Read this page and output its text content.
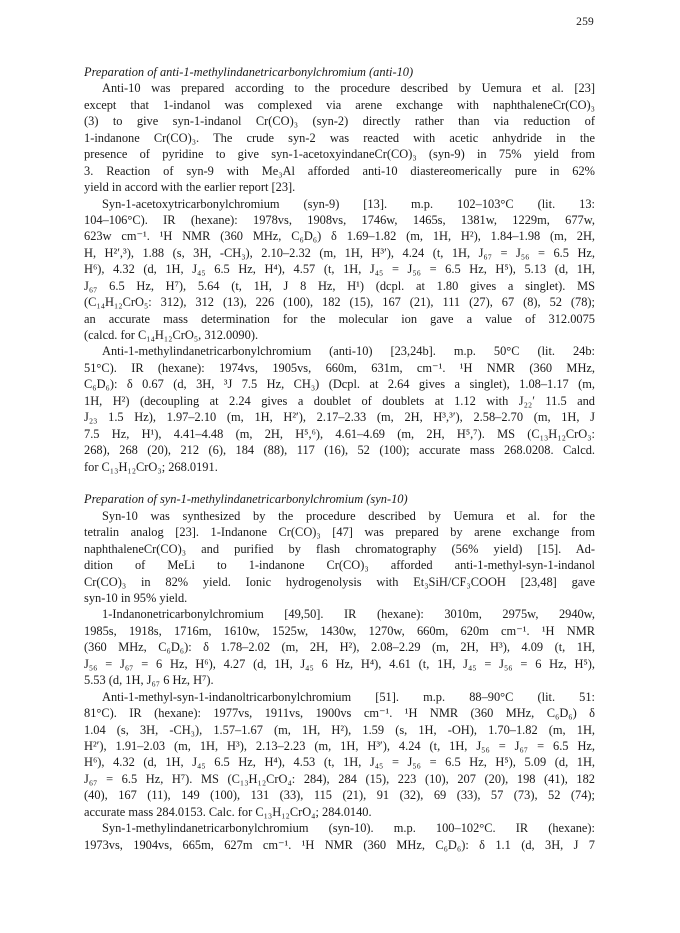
259
Preparation of anti-1-methylindanetricarbonylchromium (anti-10)
Anti-10 was prepared according to the procedure described by Uemura et al. [23]
except that 1-indanol was complexed via arene exchange with naphthaleneCr(CO)₃
(3) to give syn-1-indanol Cr(CO)₃ (syn-2) directly rather than via reduction of
1-indanone Cr(CO)₃. The crude syn-2 was reacted with acetic anhydride in the
presence of pyridine to give syn-1-acetoxyindaneCr(CO)₃ (syn-9) in 75% yield from
3. Reaction of syn-9 with Me₃Al afforded anti-10 diastereomerically pure in 62%
yield in accord with the earlier report [23].
Syn-1-acetoxytricarbonylchromium (syn-9) [13]. m.p. 102–103°C (lit. 13:
104–106°C). IR (hexane): 1978vs, 1908vs, 1746w, 1465s, 1381w, 1229m, 677w,
623w cm⁻¹. ¹H NMR (360 MHz, C₆D₆) δ 1.69–1.82 (m, 1H, H²), 1.84–1.98 (m, 2H,
H, H²′,³), 1.88 (s, 3H, -CH₃), 2.10–2.32 (m, 1H, H³′), 4.24 (t, 1H, J₆₇ = J₅₆ = 6.5 Hz,
H⁶), 4.32 (d, 1H, J₄₅ 6.5 Hz, H⁴), 4.57 (t, 1H, J₄₅ = J₅₆ = 6.5 Hz, H⁵), 5.13 (d, 1H,
J₆₇ 6.5 Hz, H⁷), 5.64 (t, 1H, J 8 Hz, H¹) (dcpl. at 1.80 gives a singlet). MS
(C₁₄H₁₂CrO₅: 312), 312 (13), 226 (100), 182 (15), 167 (21), 111 (27), 67 (8), 52 (78);
an accurate mass determination for the molecular ion gave a value of 312.0075
(calcd. for C₁₄H₁₂CrO₅, 312.0090).
Anti-1-methylindanetricarbonylchromium (anti-10) [23,24b]. m.p. 50°C (lit. 24b:
51°C). IR (hexane): 1974vs, 1905vs, 660m, 631m, cm⁻¹. ¹H NMR (360 MHz,
C₆D₆): δ 0.67 (d, 3H, ³J 7.5 Hz, CH₃) (Dcpl. at 2.64 gives a singlet), 1.08–1.17 (m,
1H, H²) (decoupling at 2.24 gives a doublet of doublets at 1.12 with J₂₂′ 11.5 and
J₂₃ 1.5 Hz), 1.97–2.10 (m, 1H, H²′), 2.17–2.33 (m, 2H, H³,³′), 2.58–2.70 (m, 1H, J
7.5 Hz, H¹), 4.41–4.48 (m, 2H, H⁵,⁶), 4.61–4.69 (m, 2H, H⁵,⁷). MS (C₁₃H₁₂CrO₃:
268), 268 (20), 212 (6), 184 (88), 117 (16), 52 (100); accurate mass 268.0208. Calcd.
for C₁₃H₁₂CrO₃; 268.0191.
Preparation of syn-1-methylindanetricarbonylchromium (syn-10)
Syn-10 was synthesized by the procedure described by Uemura et al. for the
tetralin analog [23]. 1-Indanone Cr(CO)₃ [47] was prepared by arene exchange from
naphthaleneCr(CO)₃ and purified by flash chromatography (56% yield) [15]. Ad-
dition of MeLi to 1-indanone Cr(CO)₃ afforded anti-1-methyl-syn-1-indanol
Cr(CO)₃ in 82% yield. Ionic hydrogenolysis with Et₃SiH/CF₃COOH [23,48] gave
syn-10 in 95% yield.
1-Indanonetricarbonylchromium [49,50]. IR (hexane): 3010m, 2975w, 2940w,
1985s, 1918s, 1716m, 1610w, 1525w, 1430w, 1270w, 660m, 620m cm⁻¹. ¹H NMR
(360 MHz, C₆D₆): δ 1.78–2.02 (m, 2H, H²), 2.08–2.29 (m, 2H, H³), 4.09 (t, 1H,
J₅₆ = J₆₇ = 6 Hz, H⁶), 4.27 (d, 1H, J₄₅ 6 Hz, H⁴), 4.61 (t, 1H, J₄₅ = J₅₆ = 6 Hz, H⁵),
5.53 (d, 1H, J₆₇ 6 Hz, H⁷).
Anti-1-methyl-syn-1-indanoltricarbonylchromium [51]. m.p. 88–90°C (lit. 51:
81°C). IR (hexane): 1977vs, 1911vs, 1900vs cm⁻¹. ¹H NMR (360 MHz, C₆D₆) δ
1.04 (s, 3H, -CH₃), 1.57–1.67 (m, 1H, H²), 1.59 (s, 1H, -OH), 1.70–1.82 (m, 1H,
H²′), 1.91–2.03 (m, 1H, H³), 2.13–2.23 (m, 1H, H³′), 4.24 (t, 1H, J₅₆ = J₆₇ = 6.5 Hz,
H⁶), 4.32 (d, 1H, J₄₅ 6.5 Hz, H⁴), 4.53 (t, 1H, J₄₅ = J₅₆ = 6.5 Hz, H⁵), 5.09 (d, 1H,
J₆₇ = 6.5 Hz, H⁷). MS (C₁₃H₁₂CrO₄: 284), 284 (15), 223 (10), 207 (20), 198 (41), 182
(40), 167 (11), 149 (100), 131 (33), 115 (21), 91 (32), 69 (33), 57 (73), 52 (74);
accurate mass 284.0153. Calc. for C₁₃H₁₂CrO₄; 284.0140.
Syn-1-methylindanetricarbonylchromium (syn-10). m.p. 100–102°C. IR (hexane):
1973vs, 1904vs, 665m, 627m cm⁻¹. ¹H NMR (360 MHz, C₆D₆): δ 1.1 (d, 3H, J 7
